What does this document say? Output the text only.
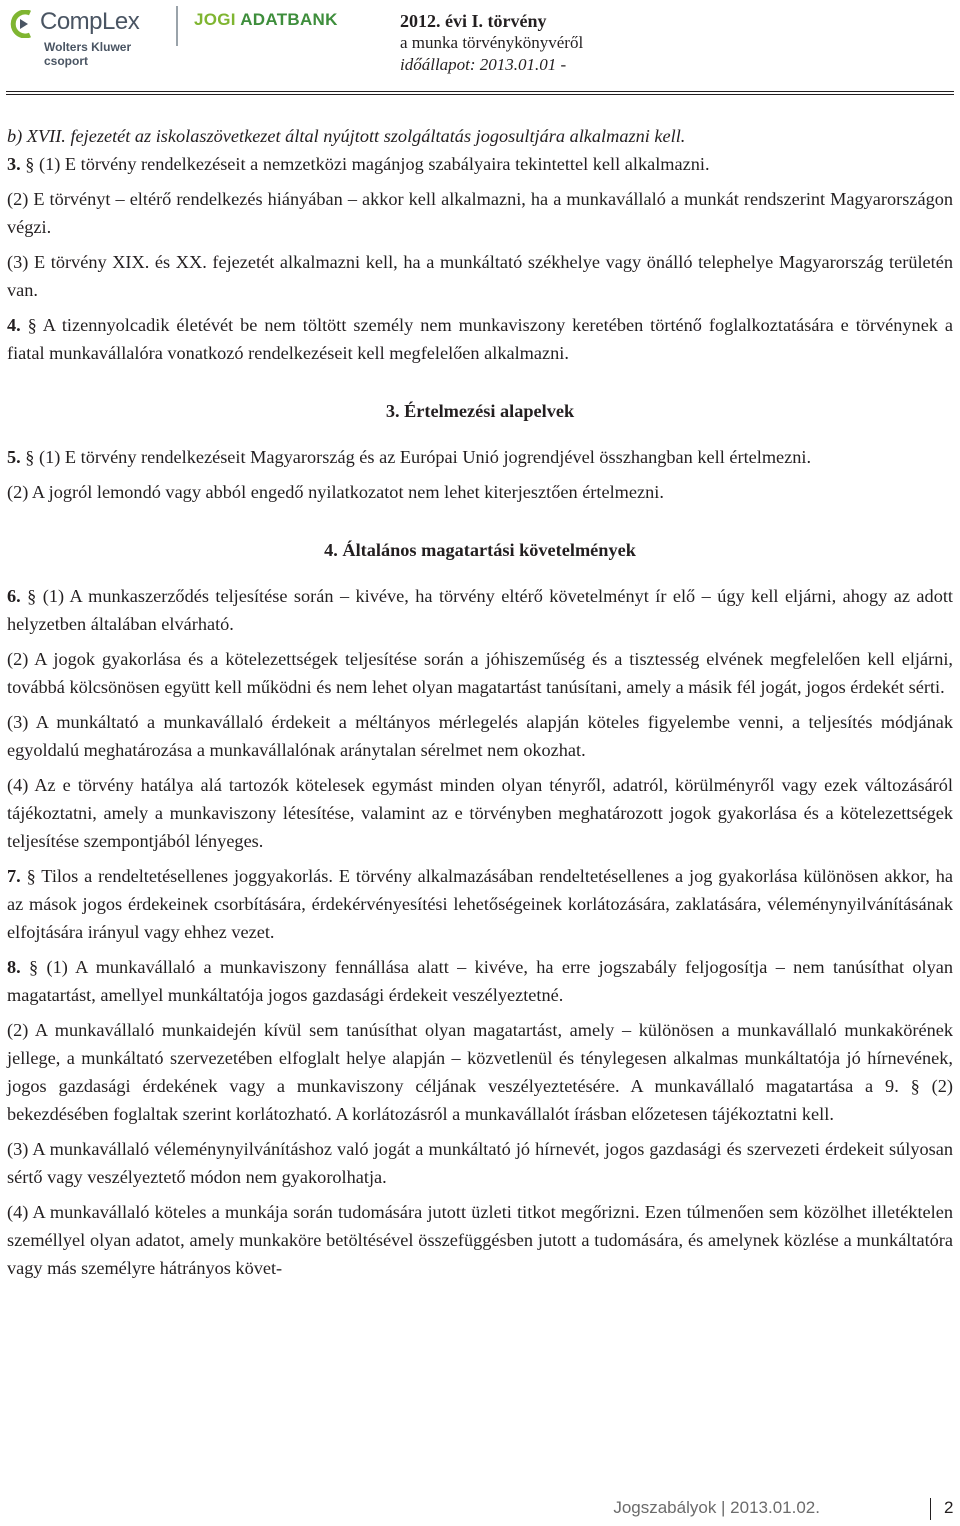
CompLex
Wolters Kluwer csoport
JOGI ADATBANK	2012. évi I. törvény
a munka törvénykönyvéről
időállapot: 2013.01.01 -

b) XVII. fejezetét az iskolaszövetkezet által nyújtott szolgáltatás jogosultjára alkalmazni kell.

3. § (1) E törvény rendelkezéseit a nemzetközi magánjog szabályaira tekintettel kell alkalmazni.

(2) E törvényt – eltérő rendelkezés hiányában – akkor kell alkalmazni, ha a munkavállaló a munkát rendszerint Magyarországon végzi.

(3) E törvény XIX. és XX. fejezetét alkalmazni kell, ha a munkáltató székhelye vagy önálló telephelye Magyarország területén van.

4. § A tizennyolcadik életévét be nem töltött személy nem munkaviszony keretében történő foglalkoztatására e törvénynek a fiatal munkavállalóra vonatkozó rendelkezéseit kell megfelelően alkalmazni.

3. Értelmezési alapelvek

5. § (1) E törvény rendelkezéseit Magyarország és az Európai Unió jogrendjével összhangban kell értelmezni.

(2) A jogról lemondó vagy abból engedő nyilatkozatot nem lehet kiterjesztően értelmezni.

4. Általános magatartási követelmények

6. § (1) A munkaszerződés teljesítése során – kivéve, ha törvény eltérő követelményt ír elő – úgy kell eljárni, ahogy az adott helyzetben általában elvárható.

(2) A jogok gyakorlása és a kötelezettségek teljesítése során a jóhiszeműség és a tisztesség elvének megfelelően kell eljárni, továbbá kölcsönösen együtt kell működni és nem lehet olyan magatartást tanúsítani, amely a másik fél jogát, jogos érdekét sérti.

(3) A munkáltató a munkavállaló érdekeit a méltányos mérlegelés alapján köteles figyelembe venni, a teljesítés módjának egyoldalú meghatározása a munkavállalónak aránytalan sérelmet nem okozhat.

(4) Az e törvény hatálya alá tartozók kötelesek egymást minden olyan tényről, adatról, körülményről vagy ezek változásáról tájékoztatni, amely a munkaviszony létesítése, valamint az e törvényben meghatározott jogok gyakorlása és a kötelezettségek teljesítése szempontjából lényeges.

7. § Tilos a rendeltetésellenes joggyakorlás. E törvény alkalmazásában rendeltetésellenes a jog gyakorlása különösen akkor, ha az mások jogos érdekeinek csorbítására, érdekérvényesítési lehetőségeinek korlátozására, zaklatására, véleménynyilvánításának elfojtására irányul vagy ehhez vezet.

8. § (1) A munkavállaló a munkaviszony fennállása alatt – kivéve, ha erre jogszabály feljogosítja – nem tanúsíthat olyan magatartást, amellyel munkáltatója jogos gazdasági érdekeit veszélyeztetné.

(2) A munkavállaló munkaidején kívül sem tanúsíthat olyan magatartást, amely – különösen a munkavállaló munkakörének jellege, a munkáltató szervezetében elfoglalt helye alapján – közvetlenül és ténylegesen alkalmas munkáltatója jó hírnevének, jogos gazdasági érdekének vagy a munkaviszony céljának veszélyeztetésére. A munkavállaló magatartása a 9. § (2) bekezdésében foglaltak szerint korlátozható. A korlátozásról a munkavállalót írásban előzetesen tájékoztatni kell.

(3) A munkavállaló véleménynyilvánításhoz való jogát a munkáltató jó hírnevét, jogos gazdasági és szervezeti érdekeit súlyosan sértő vagy veszélyeztető módon nem gyakorolhatja.

(4) A munkavállaló köteles a munkája során tudomására jutott üzleti titkot megőrizni. Ezen túlmenően sem közölhet illetéktelen személlyel olyan adatot, amely munkaköre betöltésével összefüggésben jutott a tudomására, és amelynek közlése a munkáltatóra vagy más személyre hátrányos követ-

Jogszabályok | 2013.01.02.	2
